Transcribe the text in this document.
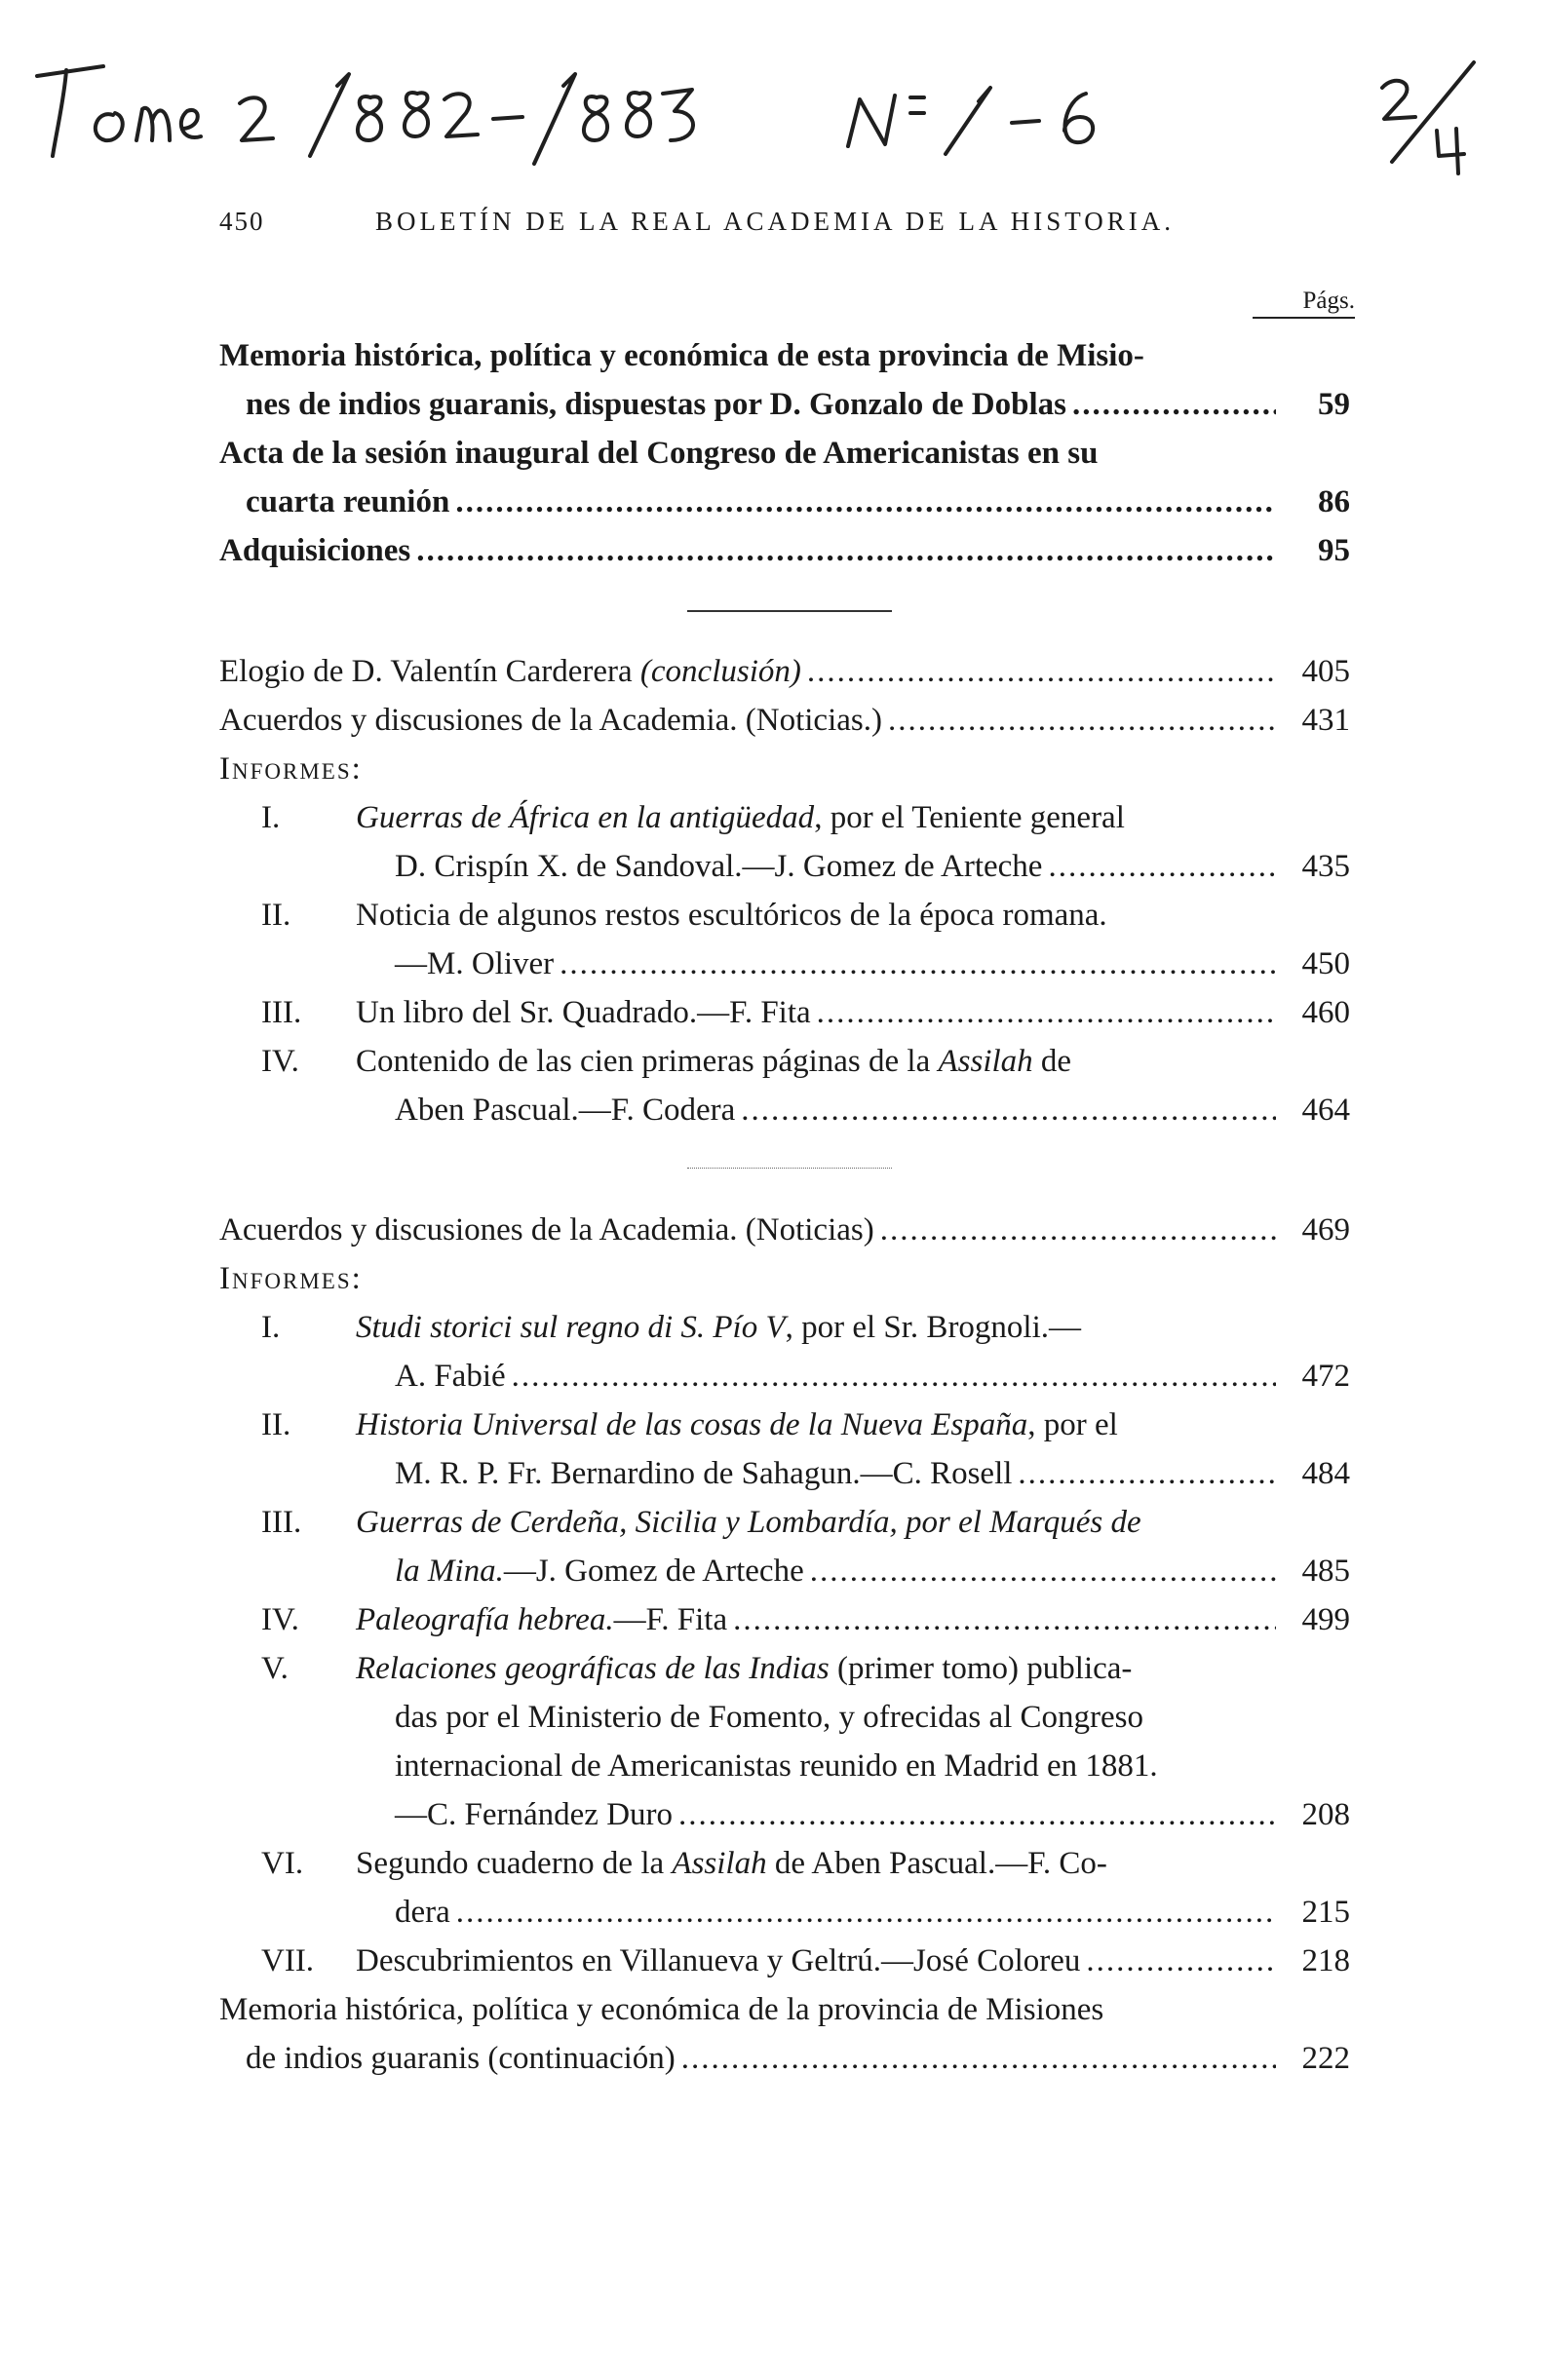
450	BOLETÍN DE LA REAL ACADEMIA DE LA HISTORIA.
Págs.
Memoria histórica, política y económica de esta provincia de Misio-
nes de indios guaranis, dispuestas por D. Gonzalo de Doblas .....	59
Acta de la sesión inaugural del Congreso de Americanistas en su
cuarta reunión .....	86
Adquisiciones .....	95
Elogio de D. Valentín Carderera (conclusión) .....	405
Acuerdos y discusiones de la Academia. (Noticias.) .....	431
Informes:
I.	Guerras de África en la antigüedad, por el Teniente general
D. Crispín X. de Sandoval.—J. Gomez de Arteche .....	435
II.	Noticia de algunos restos escultóricos de la época romana.
—M. Oliver .....	450
III.	Un libro del Sr. Quadrado.—F. Fita .....	460
IV.	Contenido de las cien primeras páginas de la Assilah de
Aben Pascual.—F. Codera .....	464
Acuerdos y discusiones de la Academia. (Noticias) .....	469
Informes:
I.	Studi storici sul regno di S. Pío V, por el Sr. Brognoli.—
A. Fabié .....	472
II.	Historia Universal de las cosas de la Nueva España, por el
M. R. P. Fr. Bernardino de Sahagun.—C. Rosell .....	484
III.	Guerras de Cerdeña, Sicilia y Lombardía, por el Marqués de
la Mina.—J. Gomez de Arteche .....	485
IV.	Paleografía hebrea.—F. Fita .....	499
V.	Relaciones geográficas de las Indias (primer tomo) publica-
das por el Ministerio de Fomento, y ofrecidas al Congreso
internacional de Americanistas reunido en Madrid en 1881.
—C. Fernández Duro .....	208
VI.	Segundo cuaderno de la Assilah de Aben Pascual.—F. Co-
dera .....	215
VII.	Descubrimientos en Villanueva y Geltrú.—José Coloreu .....	218
Memoria histórica, política y económica de la provincia de Misiones
de indios guaranis (continuación) .....	222
